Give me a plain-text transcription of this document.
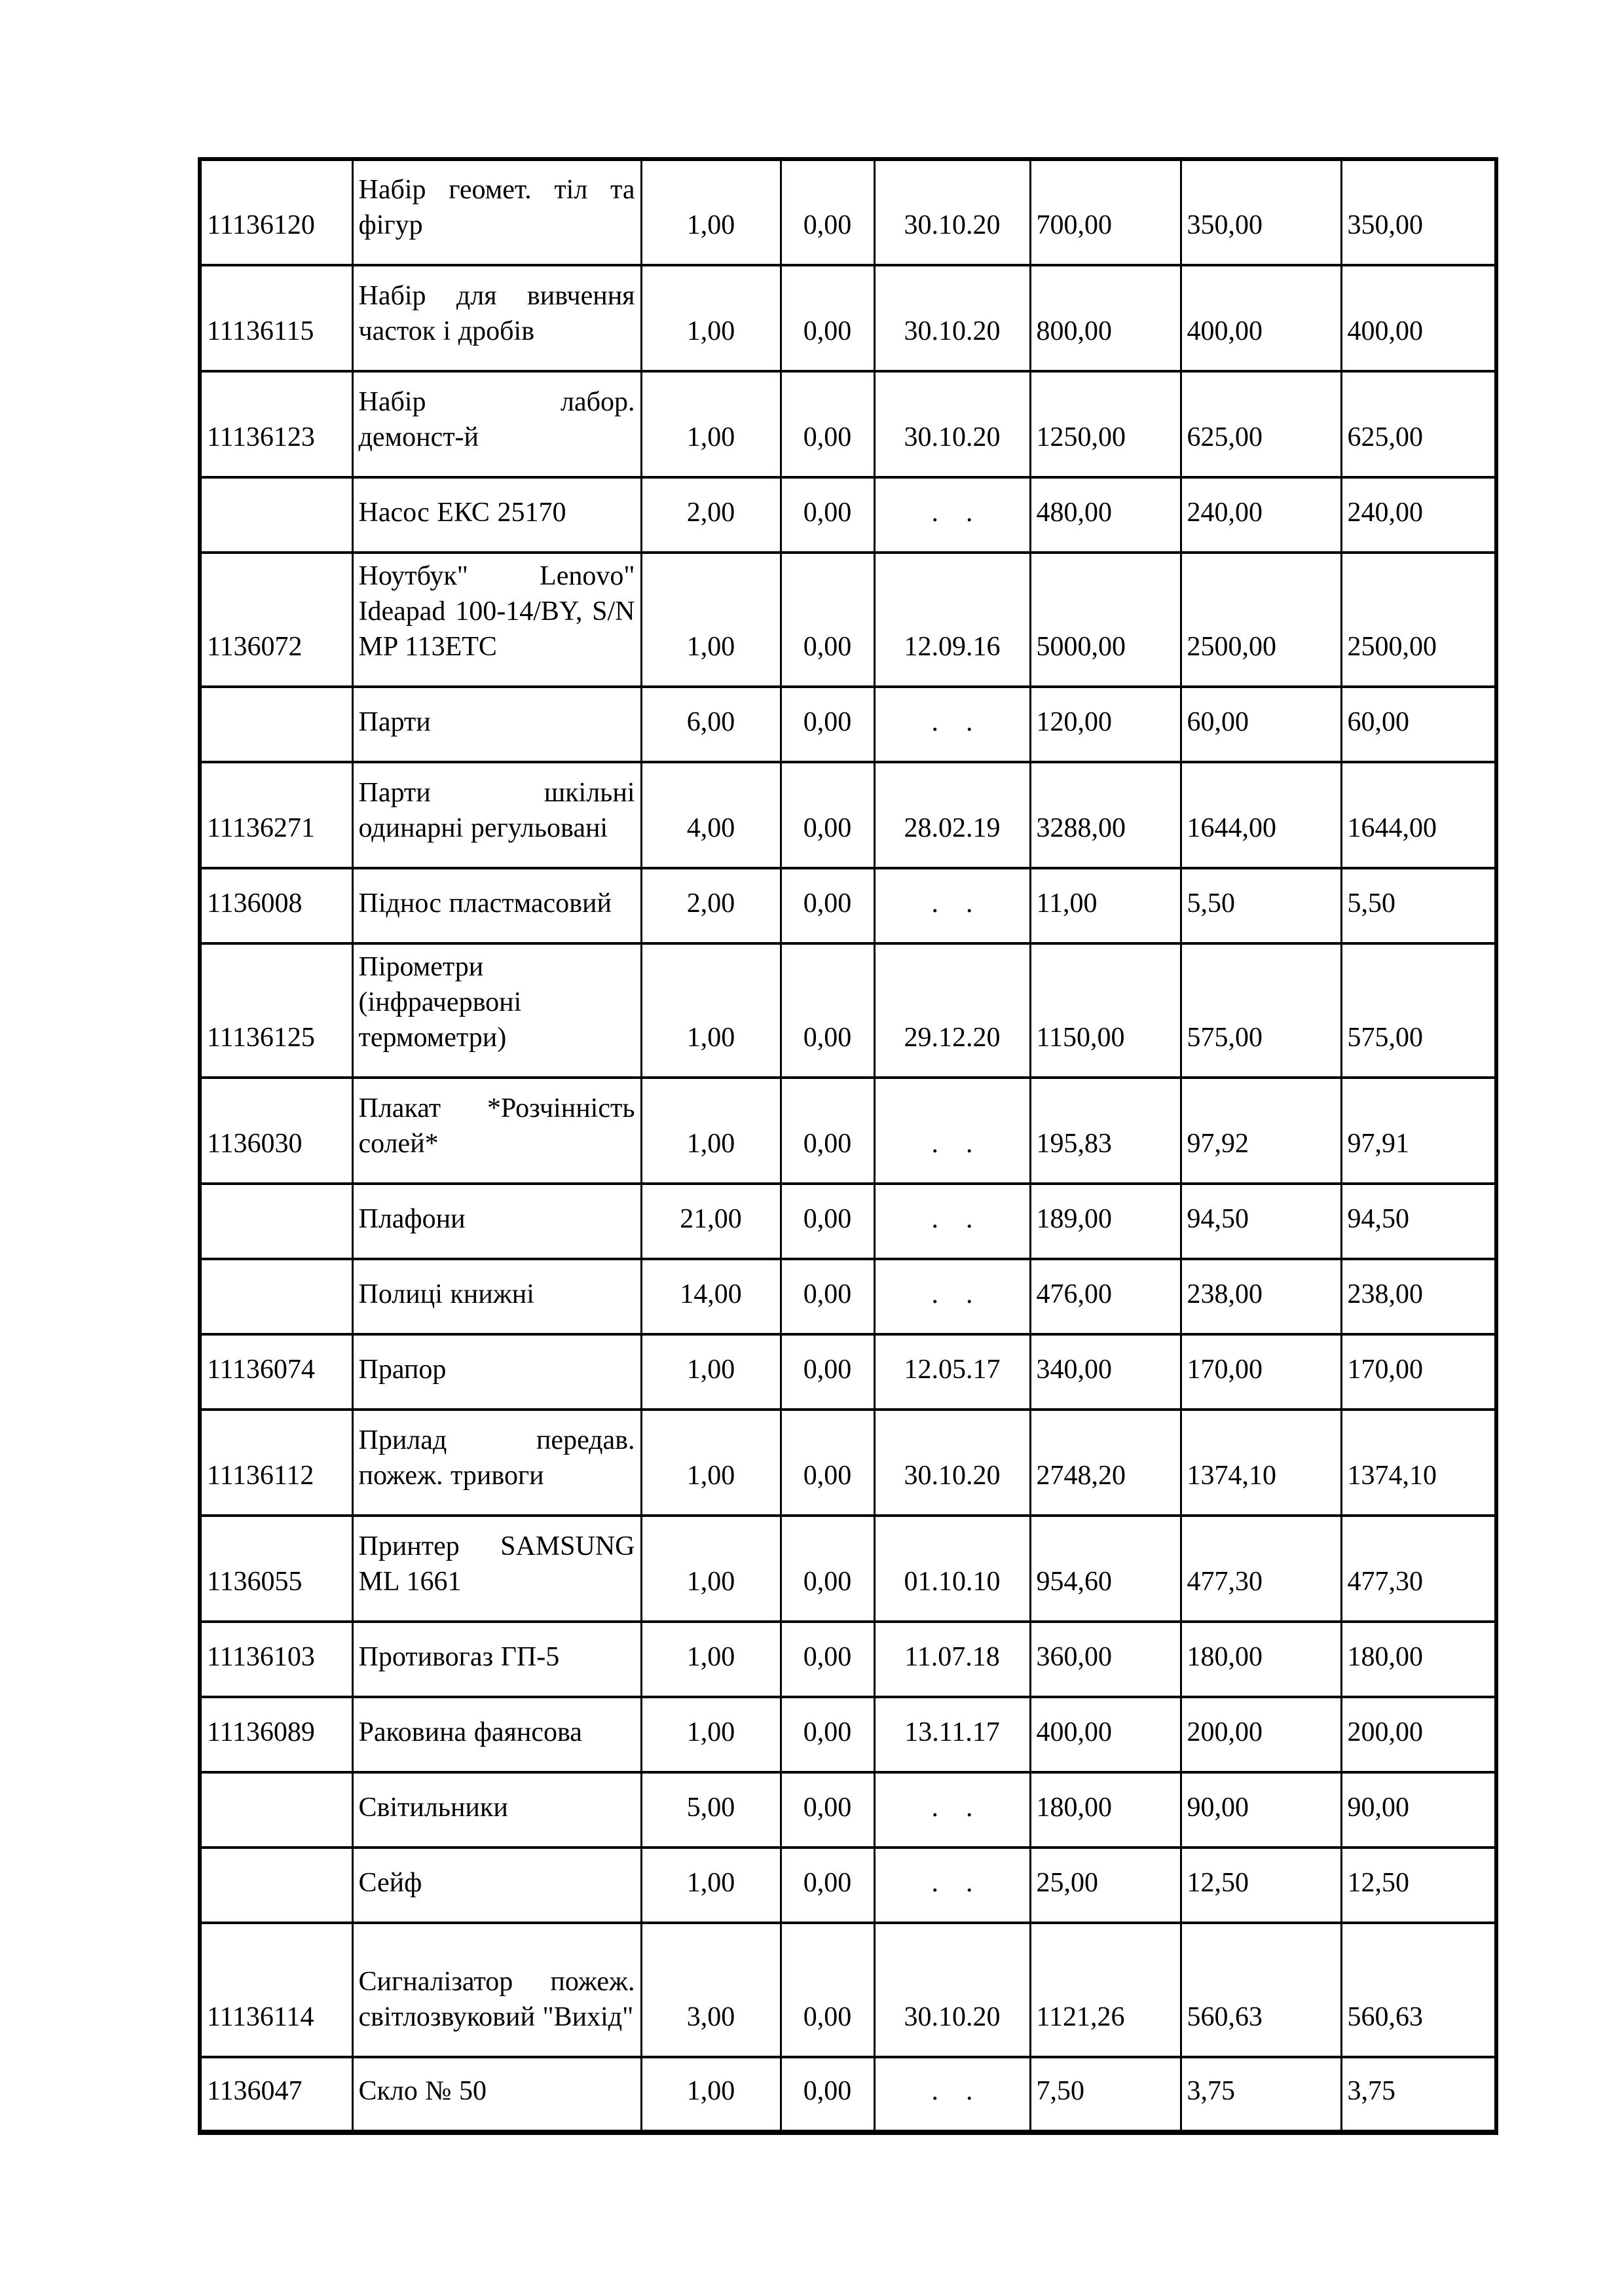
11136120	Набір геомет. тіл та фігур	1,00	0,00	30.10.20	700,00	350,00	350,00
11136115	Набір для вивчення часток і дробів	1,00	0,00	30.10.20	800,00	400,00	400,00
11136123	Набір лабор. демонст‑й	1,00	0,00	30.10.20	1250,00	625,00	625,00
	Насос ЕКС 25170	2,00	0,00	. .	480,00	240,00	240,00
1136072	Ноутбук" Lenovo" Ideapad 100-14/BY, S/N MP 113ETC	1,00	0,00	12.09.16	5000,00	2500,00	2500,00
	Парти	6,00	0,00	. .	120,00	60,00	60,00
11136271	Парти шкільні одинарні регульовані	4,00	0,00	28.02.19	3288,00	1644,00	1644,00
1136008	Піднос пластмасовий	2,00	0,00	. .	11,00	5,50	5,50
11136125	Пірометри (інфрачервоні термометри)	1,00	0,00	29.12.20	1150,00	575,00	575,00
1136030	Плакат *Розчінність солей*	1,00	0,00	. .	195,83	97,92	97,91
	Плафони	21,00	0,00	. .	189,00	94,50	94,50
	Полиці книжні	14,00	0,00	. .	476,00	238,00	238,00
11136074	Прапор	1,00	0,00	12.05.17	340,00	170,00	170,00
11136112	Прилад передав. пожеж. тривоги	1,00	0,00	30.10.20	2748,20	1374,10	1374,10
1136055	Принтер SAMSUNG ML 1661	1,00	0,00	01.10.10	954,60	477,30	477,30
11136103	Противогаз ГП-5	1,00	0,00	11.07.18	360,00	180,00	180,00
11136089	Раковина фаянсова	1,00	0,00	13.11.17	400,00	200,00	200,00
	Світильники	5,00	0,00	. .	180,00	90,00	90,00
	Сейф	1,00	0,00	. .	25,00	12,50	12,50
11136114	Сигналізатор пожеж. світлозвуковий "Вихід"	3,00	0,00	30.10.20	1121,26	560,63	560,63
1136047	Скло № 50	1,00	0,00	. .	7,50	3,75	3,75
